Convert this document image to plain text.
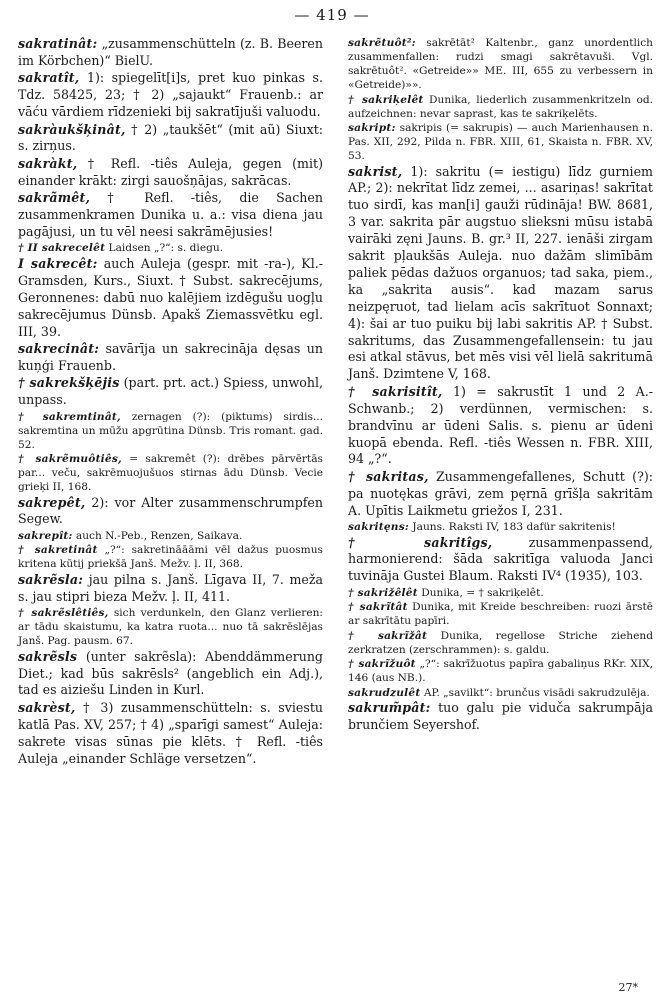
— 419 —

sakratinât: „zusammenschütteln (z. B. Beeren im Körbchen)“ BielU.

sakratît, 1): spiegelīt[i]s, pret kuo pinkas s. Tdz. 58425, 23; † 2) „sajaukt“ Frauenb.: ar vāću vārdiem rīdzenieki bij sakratījuši valuodu.

sakràukšķinât, † 2) „taukšēt“ (mit aũ) Siuxt: s. zirņus.

sakràkt, † Refl. -tiês Auleja, gegen (mit) einander krākt: zirgi sauošņājas, sakrācas.

sakrãmêt, † Refl. -tiês, die Sachen zusammenkramen Dunika u. a.: visa diena jau pagājusi, un tu vēl neesi sakrāmējusies!

† II sakrecelêt Laidsen „?“: s. diegu.

I sakrecêt: auch Auleja (gespr. mit -ra-), Kl.-Gramsden, Kurs., Siuxt. † Subst. sakrecējums, Geronnenes: dabū nuo kalējiem izdēgušu uogļu sakrecējumus Dünsb. Apakš Ziemassvētku egl. III, 39.

sakrecinât: savārīja un sakrecināja dęsas un kuņģi Frauenb.

† sakrekšķējis (part. prt. act.) Spiess, unwohl, unpass.

† sakremtinât, zernagen (?): (piktums) sirdis... sakremtina un mūžu apgrūtina Dünsb. Tris romant. gad. 52.

† sakrẽmuôtiês, = sakremêt (?): drēbes pārvērtās par... veču, sakrēmuojušuos stirnas ādu Dünsb. Vecie grieķi II, 168.

sakrepêt, 2): vor Alter zusammenschrumpfen Segew.

sakrepît: auch N.-Peb., Renzen, Saikava.

† sakretinât „?“: sakretināāāmi vēl dažus puosmus kritena kūtij priekšā Janš. Mežv. ļ. II, 368.

sakrẽsla: jau pilna s. Janš. Līgava II, 7. meža s. jau stipri bieza Mežv. ļ. II, 411.

† sakrẽslêtiês, sich verdunkeln, den Glanz verlieren: ar tādu skaistumu, ka katra ruota... nuo tā sakrēslējas Janš. Pag. pausm. 67.

sakrẽsls (unter sakrẽsla): Abenddämmerung Diet.; kad būs sakrēsls² (angeblich ein Adj.), tad es aizіešu Linden in Kurl.

sakrèst, † 3) zusammenschütteln: s. sviestu katlā Pas. XV, 257; † 4) „sparīgi samest“ Auleja: sakrete visas sūnas pie klēts. † Refl. -tiês Auleja „einander Schläge versetzen“.

sakrẽtuôt²: sakrētāt² Kaltenbr., ganz unordentlich zusammenfallen: rudzi smagi sakrētavuši. Vgl. sakrētuôt². «Getreide»» ME. III, 655 zu verbessern in «Getreide)»».

† sakriķelêt Dunika, liederlich zusammenkritzeln od. aufzeichnen: nevar saprast, kas te sakriķelēts.

sakript: sakripis (= sakrupis) — auch Marienhausen n. Pas. XII, 292, Pilda n. FBR. XIII, 61, Skaista n. FBR. XV, 53.

sakrist, 1): sakritu (= iestigu) līdz gurniem AP.; 2): nekrītat līdz zemei, ... asariņas! sakrītat tuo sirdī, kas man[i] gauži rūdināja! BW. 8681, 3 var. sakrita pār augstuo slieksni mūsu istabā vairāki zęni Jauns. B. gr.³ II, 227. ienāši zirgam sakrit pļaukšās Auleja. nuo dažām slimībām paliek pēdas dažuos organuos; tad saka, piem., ka „sakrita ausis“. kad mazam sarus neizpęruot, tad lielam acīs sakrītuot Sonnaxt; 4): šai ar tuo puiku bij labi sakritis AP. † Subst. sakritums, das Zusammengefallensein: tu jau esi atkal stāvus, bet mēs visi vēl lielā sakritumā Janš. Dzimtene V, 168.

† sakrisitît, 1) = sakrustīt 1 und 2 A.-Schwanb.; 2) verdünnen, vermischen: s. brandvīnu ar ūdeni Salis. s. pienu ar ūdeni kuopā ebenda. Refl. -tiês Wessen n. FBR. XIII, 94 „?“.

† sakritas, Zusammengefallenes, Schutt (?): pa nuotękas grāvi, zem pęrnā grīšļa sakritām A. Upītis Laikmetu griežos I, 231.

sakritęns: Jauns. Raksti IV, 183 dafür sakritenis!

† sakritîgs,	zusammenpassend, harmonierend: šāda sakritīga valuoda Janci tuvināja Gustei Blaum. Raksti IV⁴ (1935), 103.

† sakrižêlêt Dunika, = † sakriķelêt.

† sakrĩtât Dunika, mit Kreide beschreiben: ruozi ārstē ar sakrītātu papīri.

† sakrĩžât Dunika, regellose Striche ziehend zerkratzen (zerschrammen): s. galdu.

† sakrĩžuôt „?“: sakrīžuotus papīra gabaliņus RKr. XIX, 146 (aus NB.).

sakrudzulêt AP. „savilkt“: brunčus visādi sakrudzulēja.

sakrum̃pât: tuo galu pie viduča sakrumpāja brunčiem Seyershof.

27*
